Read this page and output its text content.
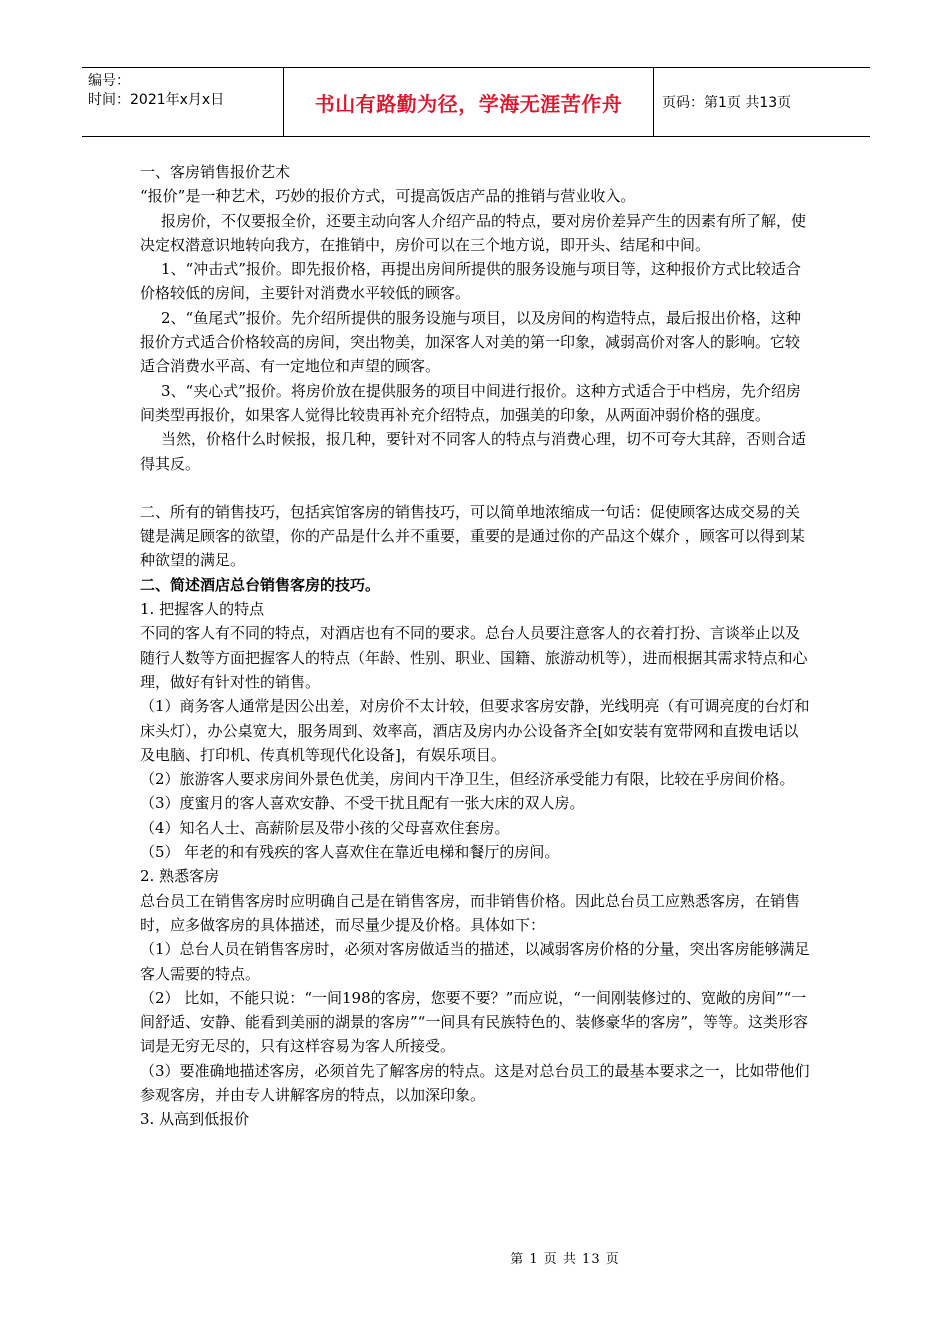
编号：
时间：2021年x月x日	书山有路勤为径，学海无涯苦作舟	页码：第1页 共13页

一、客房销售报价艺术

“报价”是一种艺术，巧妙的报价方式，可提高饭店产品的推销与营业收入。

报房价，不仅要报全价，还要主动向客人介绍产品的特点，要对房价差异产生的因素有所了解，使决定权潜意识地转向我方，在推销中，房价可以在三个地方说，即开头、结尾和中间。

1、“冲击式”报价。即先报价格，再提出房间所提供的服务设施与项目等，这种报价方式比较适合价格较低的房间，主要针对消费水平较低的顾客。

2、“鱼尾式”报价。先介绍所提供的服务设施与项目，以及房间的构造特点，最后报出价格，这种报价方式适合价格较高的房间，突出物美，加深客人对美的第一印象，减弱高价对客人的影响。它较适合消费水平高、有一定地位和声望的顾客。

3、“夹心式”报价。将房价放在提供服务的项目中间进行报价。这种方式适合于中档房，先介绍房间类型再报价，如果客人觉得比较贵再补充介绍特点，加强美的印象，从两面冲弱价格的强度。

当然，价格什么时候报，报几种，要针对不同客人的特点与消费心理，切不可夸大其辞，否则合适得其反。

二、所有的销售技巧，包括宾馆客房的销售技巧，可以简单地浓缩成一句话：促使顾客达成交易的关键是满足顾客的欲望，你的产品是什么并不重要，重要的是通过你的产品这个媒介 ，顾客可以得到某种欲望的满足。

二、简述酒店总台销售客房的技巧。

1. 把握客人的特点

不同的客人有不同的特点，对酒店也有不同的要求。总台人员要注意客人的衣着打扮、言谈举止以及随行人数等方面把握客人的特点（年龄、性别、职业、国籍、旅游动机等），进而根据其需求特点和心理，做好有针对性的销售。

（1）商务客人通常是因公出差，对房价不太计较，但要求客房安静，光线明亮（有可调亮度的台灯和床头灯），办公桌宽大，服务周到、效率高，酒店及房内办公设备齐全[如安装有宽带网和直拨电话以及电脑、打印机、传真机等现代化设备]，有娱乐项目。

（2）旅游客人要求房间外景色优美，房间内干净卫生，但经济承受能力有限，比较在乎房间价格。

（3）度蜜月的客人喜欢安静、不受干扰且配有一张大床的双人房。

（4）知名人士、高薪阶层及带小孩的父母喜欢住套房。

（5） 年老的和有残疾的客人喜欢住在靠近电梯和餐厅的房间。

2. 熟悉客房

总台员工在销售客房时应明确自己是在销售客房，而非销售价格。因此总台员工应熟悉客房，在销售时，应多做客房的具体描述，而尽量少提及价格。具体如下：

（1）总台人员在销售客房时，必须对客房做适当的描述，以减弱客房价格的分量，突出客房能够满足客人需要的特点。

（2） 比如，不能只说：“一间198的客房，您要不要？”而应说，“一间刚装修过的、宽敞的房间”“一间舒适、安静、能看到美丽的湖景的客房”“一间具有民族特色的、装修豪华的客房”，等等。这类形容词是无穷无尽的，只有这样容易为客人所接受。

（3）要准确地描述客房，必须首先了解客房的特点。这是对总台员工的最基本要求之一，比如带他们参观客房，并由专人讲解客房的特点，以加深印象。

3. 从高到低报价

第 1 页 共 13 页
